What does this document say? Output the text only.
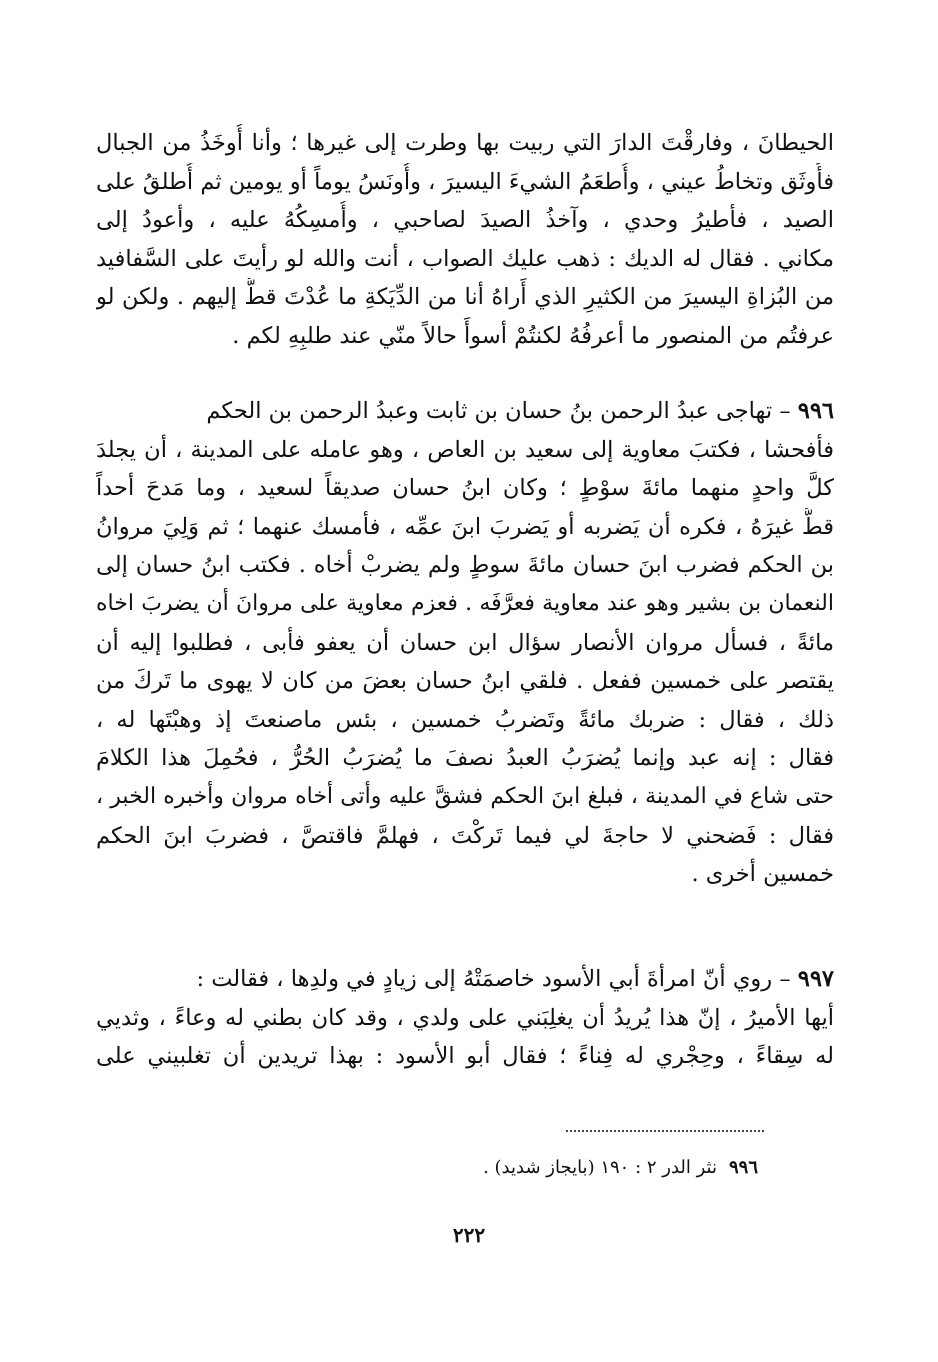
الحيطانَ ، وفارقْتَ الدارَ التي ربيت بها وطرت إلى غيرها ؛ وأنا أُوخَذُ من الجبال
فأُوثَق وتخاطُ عيني ، وأُطعَمُ الشيءَ اليسيرَ ، وأُونَسُ يوماً أو يومين ثم أُطلقُ على
الصيد ، فأطيرُ وحدي ، وآخذُ الصيدَ لصاحبي ، وأُمسِكُهُ عليه ، وأعودُ إلى
مكاني . فقال له الديك : ذهب عليك الصواب ، أنت والله لو رأيتَ على السَّفافيد
من البُزاةِ اليسيرَ من الكثيرِ الذي أَراهُ أنا من الدِّيَكةِ ما عُدْتَ قطُّ إليهم . ولكن لو
عرفتُم من المنصور ما أعرفُهُ لكنتُمْ أسوأَ حالاً منّي عند طلبِهِ لكم .
٩٩٦ – تهاجى عبدُ الرحمن بنُ حسان بن ثابت وعبدُ الرحمن بن الحكم
فأفحشا ، فكتبَ معاوية إلى سعيد بن العاص ، وهو عامله على المدينة ، أن يجلدَ
كلَّ واحدٍ منهما مائةَ سوْطٍ ؛ وكان ابنُ حسان صديقاً لسعيد ، وما مَدحَ أحداً
قطُّ غيرَهُ ، فكره أن يَضربه أو يَضربَ ابنَ عمِّه ، فأمسك عنهما ؛ ثم وَلِيَ مروانُ
بن الحكم فضرب ابنَ حسان مائةَ سوطٍ ولم يضربْ أخاه . فكتب ابنُ حسان إلى
النعمان بن بشير وهو عند معاوية فعرَّفَه . فعزم معاوية على مروانَ أن يضربَ اخاه
مائةً ، فسأل مروان الأنصار سؤال ابن حسان أن يعفو فأبى ، فطلبوا إليه أن
يقتصر على خمسين ففعل . فلقي ابنُ حسان بعضَ من كان لا يهوى ما تَركَ من
ذلك ، فقال : ضربك مائةً وتَضربُ خمسين ، بئس ماصنعتَ إذ وهبْتَها له ،
فقال : إنه عبد وإنما يُضرَبُ العبدُ نصفَ ما يُضرَبُ الحُرُّ ، فحُمِلَ هذا الكلامَ
حتى شاع في المدينة ، فبلغ ابنَ الحكم فشقَّ عليه وأتى أخاه مروان وأخبره الخبر ،
فقال : فَضحني لا حاجةَ لي فيما تَركْتَ ، فهلمَّ فاقتصَّ ، فضربَ ابنَ الحكم
خمسين أخرى .
٩٩٧ – روي أنّ امرأةَ أبي الأسود خاصمَتْهُ إلى زيادٍ في ولدِها ، فقالت :
أيها الأميرُ ، إنّ هذا يُريدُ أن يغلِبَني على ولدي ، وقد كان بطني له وعاءً ، وثديي
له سِقاءً ، وحِجْري له فِناءً ؛ فقال أبو الأسود : بهذا تريدين أن تغلبيني على
٩٩٦نثر الدر ٢ : ١٩٠ (بايجاز شديد) .
٢٢٢
